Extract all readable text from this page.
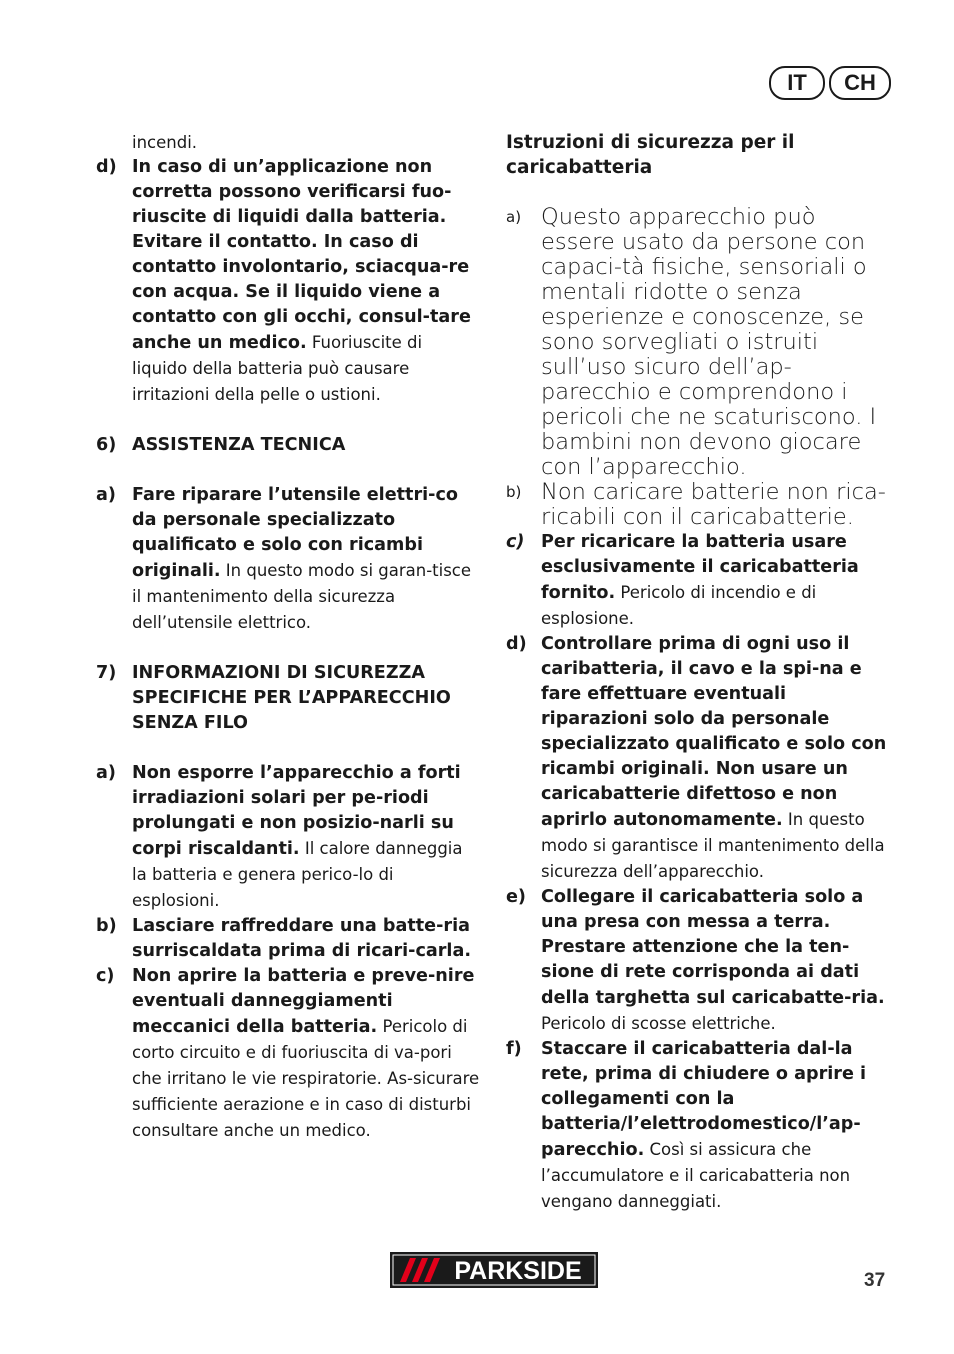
IT	CH
incendi.
d) In caso di un’applicazione non corretta possono verificarsi fuo-riuscite di liquidi dalla batteria. Evitare il contatto. In caso di contatto involontario, sciacqua-re con acqua. Se il liquido viene a contatto con gli occhi, consul-tare anche un medico. Fuoriuscite di liquido della batteria può causare irritazioni della pelle o ustioni.
6) ASSISTENZA TECNICA
a) Fare riparare l’utensile elettri-co da personale specializzato qualificato e solo con ricambi originali. In questo modo si garan-tisce il mantenimento della sicurezza dell’utensile elettrico.
7) INFORMAZIONI DI SICUREZZA SPECIFICHE PER L’APPARECCHIO SENZA FILO
a) Non esporre l’apparecchio a forti irradiazioni solari per pe-riodi prolungati e non posizio-narli su corpi riscaldanti. Il calore danneggia la batteria e genera perico-lo di esplosioni.
b) Lasciare raffreddare una batte-ria surriscaldata prima di ricari-carla.
c) Non aprire la batteria e preve-nire eventuali danneggiamenti meccanici della batteria. Pericolo di corto circuito e di fuoriuscita di va-pori che irritano le vie respiratorie. As-sicurare sufficiente aerazione e in caso di disturbi consultare anche un medico.
Istruzioni di sicurezza per il caricabatteria
a) Questo apparecchio può essere usato da persone con capaci-tà fisiche, sensoriali o mentali ridotte o senza esperienze e conoscenze, se sono sorvegliati o istruiti sull’uso sicuro dell’ap-parecchio e comprendono i pericoli che ne scaturiscono. I bambini non devono giocare con l’apparecchio.
b) Non caricare batterie non rica-ricabili con il caricabatterie.
c) Per ricaricare la batteria usare esclusivamente il caricabatteria fornito. Pericolo di incendio e di esplosione.
d) Controllare prima di ogni uso il caribatteria, il cavo e la spi-na e fare effettuare eventuali riparazioni solo da personale specializzato qualificato e solo con ricambi originali. Non usare un caricabatterie difettoso e non aprirlo autonomamente. In questo modo si garantisce il mantenimento della sicurezza dell’apparecchio.
e) Collegare il caricabatteria solo a una presa con messa a terra. Prestare attenzione che la ten-sione di rete corrisponda ai dati della targhetta sul caricabatte-ria. Pericolo di scosse elettriche.
f)	Staccare il caricabatteria dal-la rete, prima di chiudere o aprire i collegamenti con la batteria/l’elettrodomestico/l’ap-parecchio. Così si assicura che l’accumulatore e il caricabatteria non vengano danneggiati.
PARKSIDE	37
